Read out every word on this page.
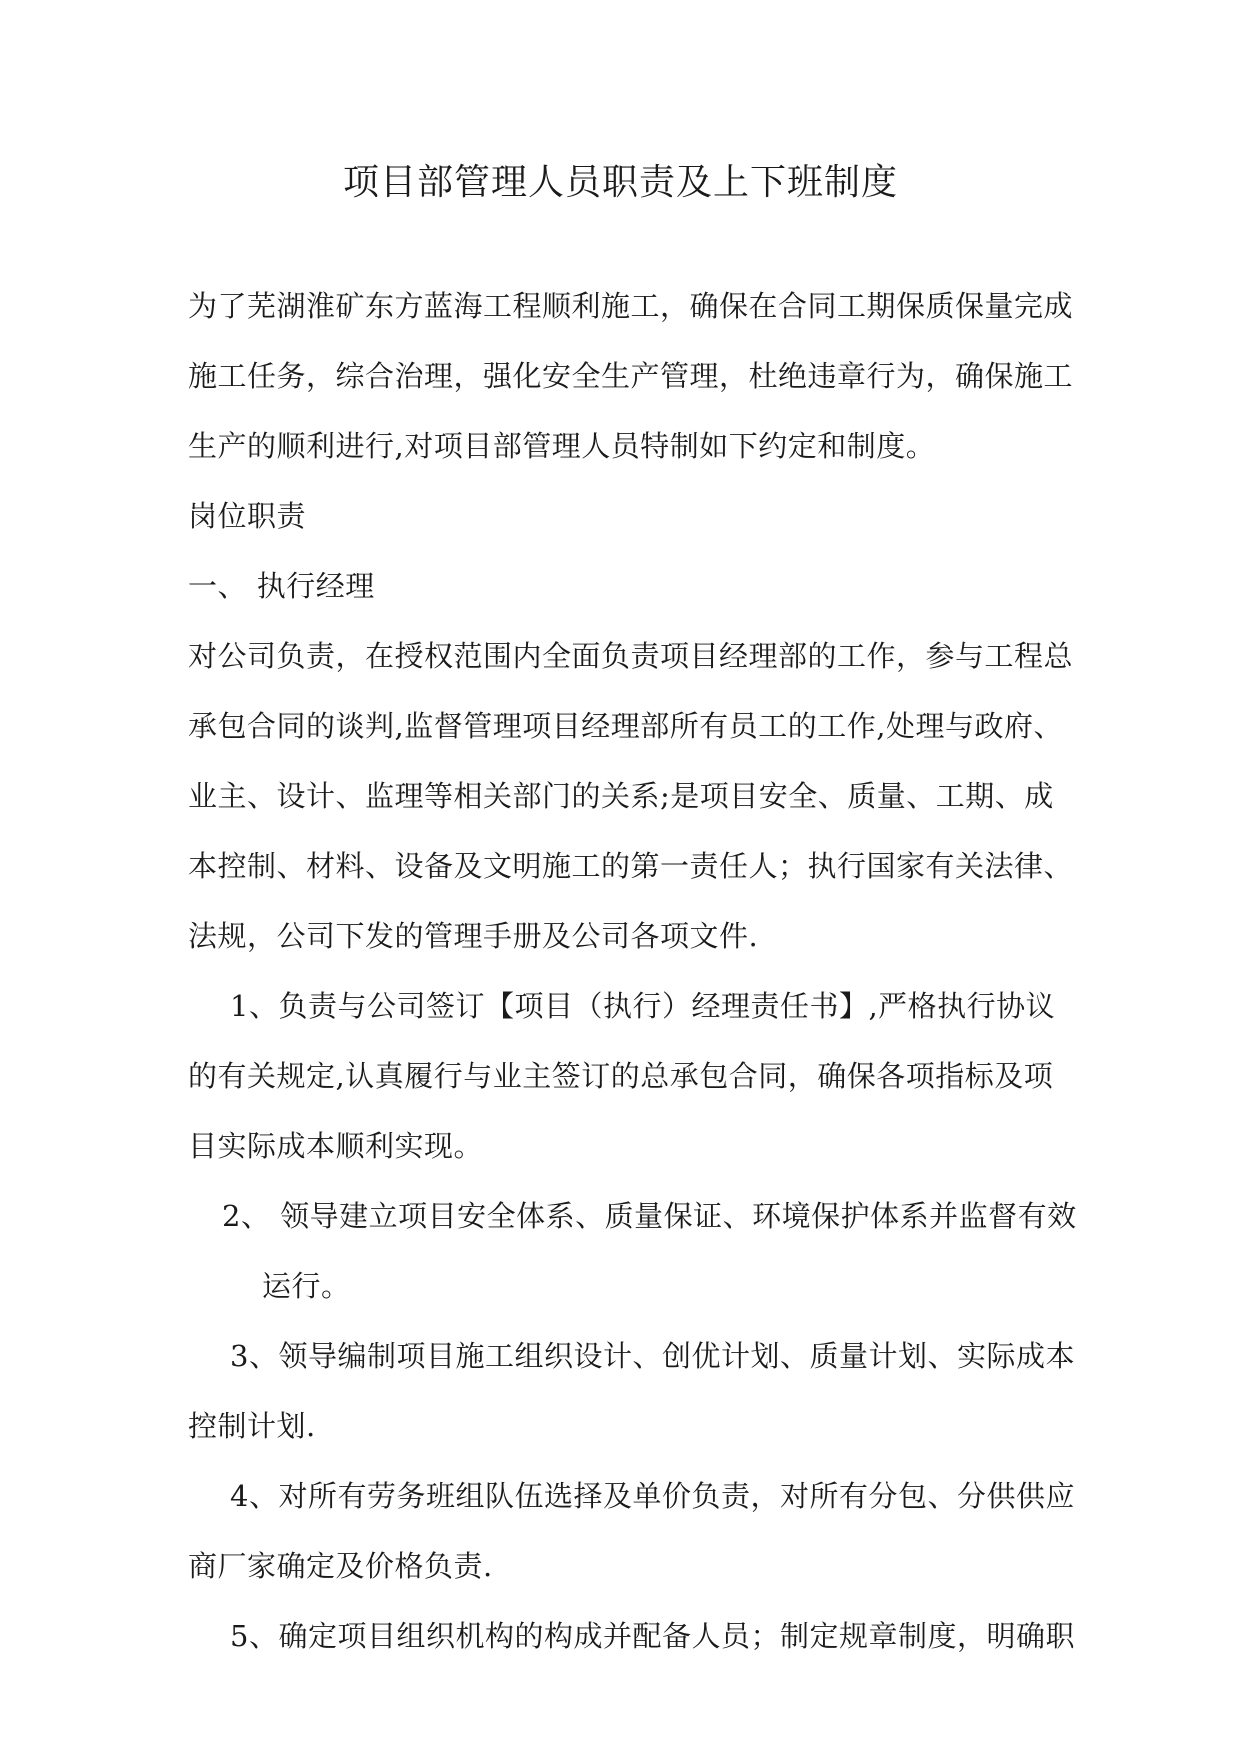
项目部管理人员职责及上下班制度
为了芜湖淮矿东方蓝海工程顺利施工，确保在合同工期保质保量完成
施工任务，综合治理，强化安全生产管理，杜绝违章行为，确保施工
生产的顺利进行,对项目部管理人员特制如下约定和制度。
岗位职责
一、 执行经理
对公司负责，在授权范围内全面负责项目经理部的工作，参与工程总
承包合同的谈判,监督管理项目经理部所有员工的工作,处理与政府、
业主、设计、监理等相关部门的关系;是项目安全、质量、工期、成
本控制、材料、设备及文明施工的第一责任人；执行国家有关法律、
法规，公司下发的管理手册及公司各项文件.
1、负责与公司签订【项目（执行）经理责任书】,严格执行协议
的有关规定,认真履行与业主签订的总承包合同，确保各项指标及项
目实际成本顺利实现。
2、 领导建立项目安全体系、质量保证、环境保护体系并监督有效
运行。
3、领导编制项目施工组织设计、创优计划、质量计划、实际成本
控制计划.
4、对所有劳务班组队伍选择及单价负责，对所有分包、分供供应
商厂家确定及价格负责.
5、确定项目组织机构的构成并配备人员；制定规章制度，明确职
